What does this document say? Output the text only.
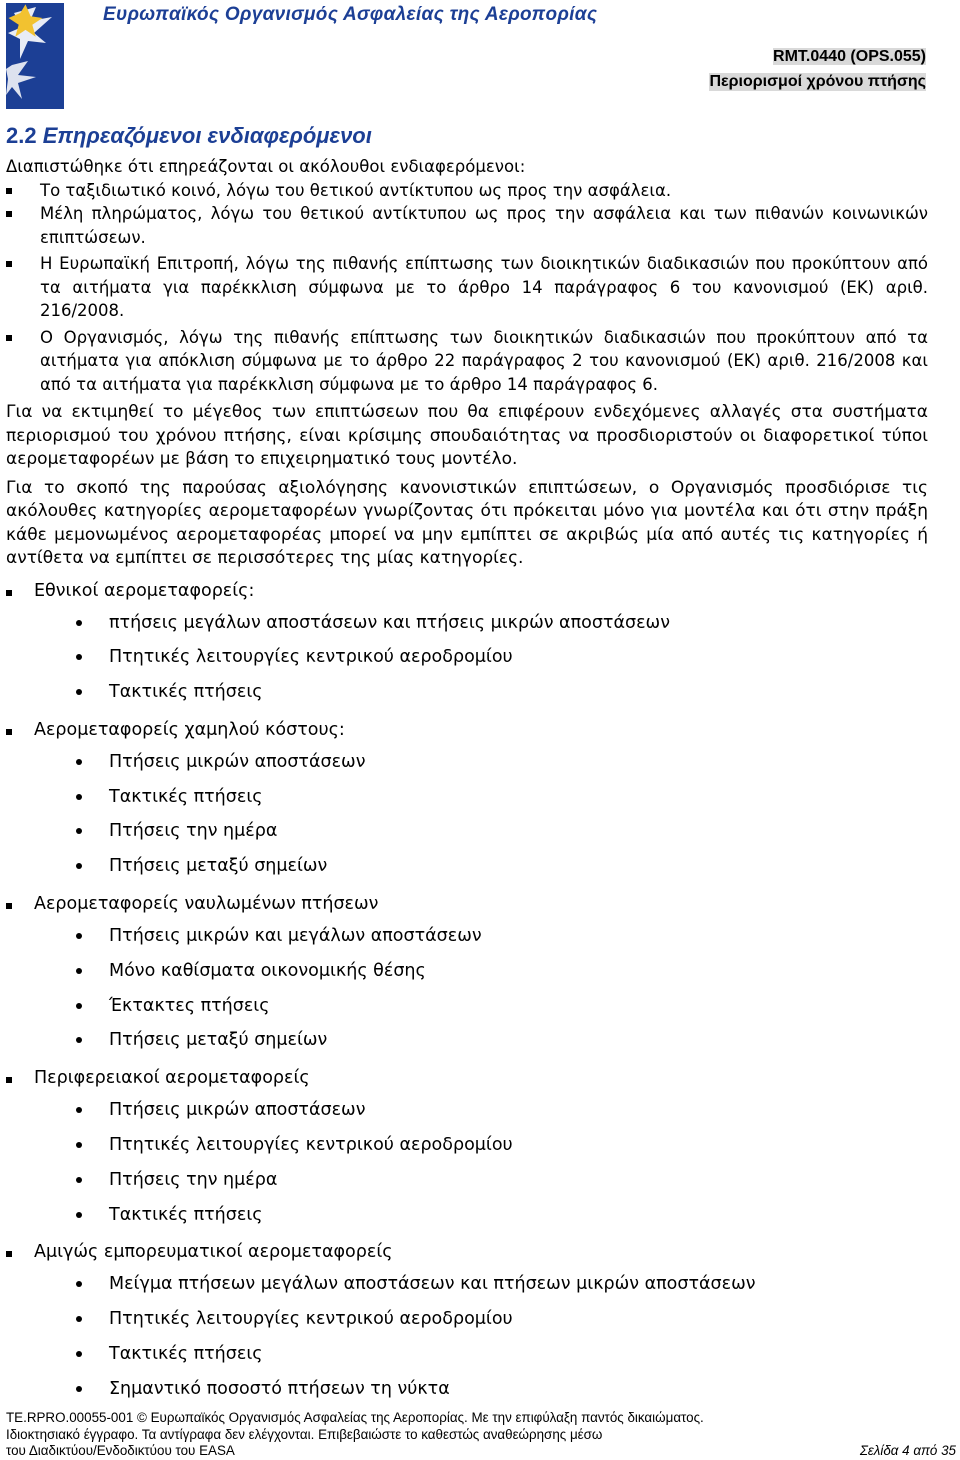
Ευρωπαϊκός Οργανισμός Ασφαλείας της Αεροπορίας
RMT.0440 (OPS.055)
Περιορισμοί χρόνου πτήσης
2.2 Επηρεαζόμενοι ενδιαφερόμενοι

Διαπιστώθηκε ότι επηρεάζονται οι ακόλουθοι ενδιαφερόμενοι:

Το ταξιδιωτικό κοινό, λόγω του θετικού αντίκτυπου ως προς την ασφάλεια.
Μέλη πληρώματος, λόγω του θετικού αντίκτυπου ως προς την ασφάλεια και των πιθανών κοινωνικών επιπτώσεων.
Η Ευρωπαϊκή Επιτροπή, λόγω της πιθανής επίπτωσης των διοικητικών διαδικασιών που προκύπτουν από τα αιτήματα για παρέκκλιση σύμφωνα με το άρθρο 14 παράγραφος 6 του κανονισμού (ΕΚ) αριθ. 216/2008.
Ο Οργανισμός, λόγω της πιθανής επίπτωσης των διοικητικών διαδικασιών που προκύπτουν από τα αιτήματα για απόκλιση σύμφωνα με το άρθρο 22 παράγραφος 2 του κανονισμού (ΕΚ) αριθ. 216/2008 και από τα αιτήματα για παρέκκλιση σύμφωνα με το άρθρο 14 παράγραφος 6.

Για να εκτιμηθεί το μέγεθος των επιπτώσεων που θα επιφέρουν ενδεχόμενες αλλαγές στα συστήματα περιορισμού του χρόνου πτήσης, είναι κρίσιμης σπουδαιότητας να προσδιοριστούν οι διαφορετικοί τύποι αερομεταφορέων με βάση το επιχειρηματικό τους μοντέλο.

Για το σκοπό της παρούσας αξιολόγησης κανονιστικών επιπτώσεων, ο Οργανισμός προσδιόρισε τις ακόλουθες κατηγορίες αερομεταφορέων γνωρίζοντας ότι πρόκειται μόνο για μοντέλα και ότι στην πράξη κάθε μεμονωμένος αερομεταφορέας μπορεί να μην εμπίπτει σε ακριβώς μία από αυτές τις κατηγορίες ή αντίθετα να εμπίπτει σε περισσότερες της μίας κατηγορίες.

Εθνικοί αερομεταφορείς:
πτήσεις μεγάλων αποστάσεων και πτήσεις μικρών αποστάσεων
Πτητικές λειτουργίες κεντρικού αεροδρομίου
Τακτικές πτήσεις
Αερομεταφορείς χαμηλού κόστους:
Πτήσεις μικρών αποστάσεων
Τακτικές πτήσεις
Πτήσεις την ημέρα
Πτήσεις μεταξύ σημείων
Αερομεταφορείς ναυλωμένων πτήσεων
Πτήσεις μικρών και μεγάλων αποστάσεων
Μόνο καθίσματα οικονομικής θέσης
Έκτακτες πτήσεις
Πτήσεις μεταξύ σημείων
Περιφερειακοί αερομεταφορείς
Πτήσεις μικρών αποστάσεων
Πτητικές λειτουργίες κεντρικού αεροδρομίου
Πτήσεις την ημέρα
Τακτικές πτήσεις
Αμιγώς εμπορευματικοί αερομεταφορείς
Μείγμα πτήσεων μεγάλων αποστάσεων και πτήσεων μικρών αποστάσεων
Πτητικές λειτουργίες κεντρικού αεροδρομίου
Τακτικές πτήσεις
Σημαντικό ποσοστό πτήσεων τη νύκτα
TE.RPRO.00055-001 © Ευρωπαϊκός Οργανισμός Ασφαλείας της Αεροπορίας. Με την επιφύλαξη παντός δικαιώματος.
Ιδιοκτησιακό έγγραφο. Τα αντίγραφα δεν ελέγχονται. Επιβεβαιώστε το καθεστώς αναθεώρησης μέσω
του Διαδικτύου/Ενδοδικτύου του EASA	Σελίδα 4 από 35
